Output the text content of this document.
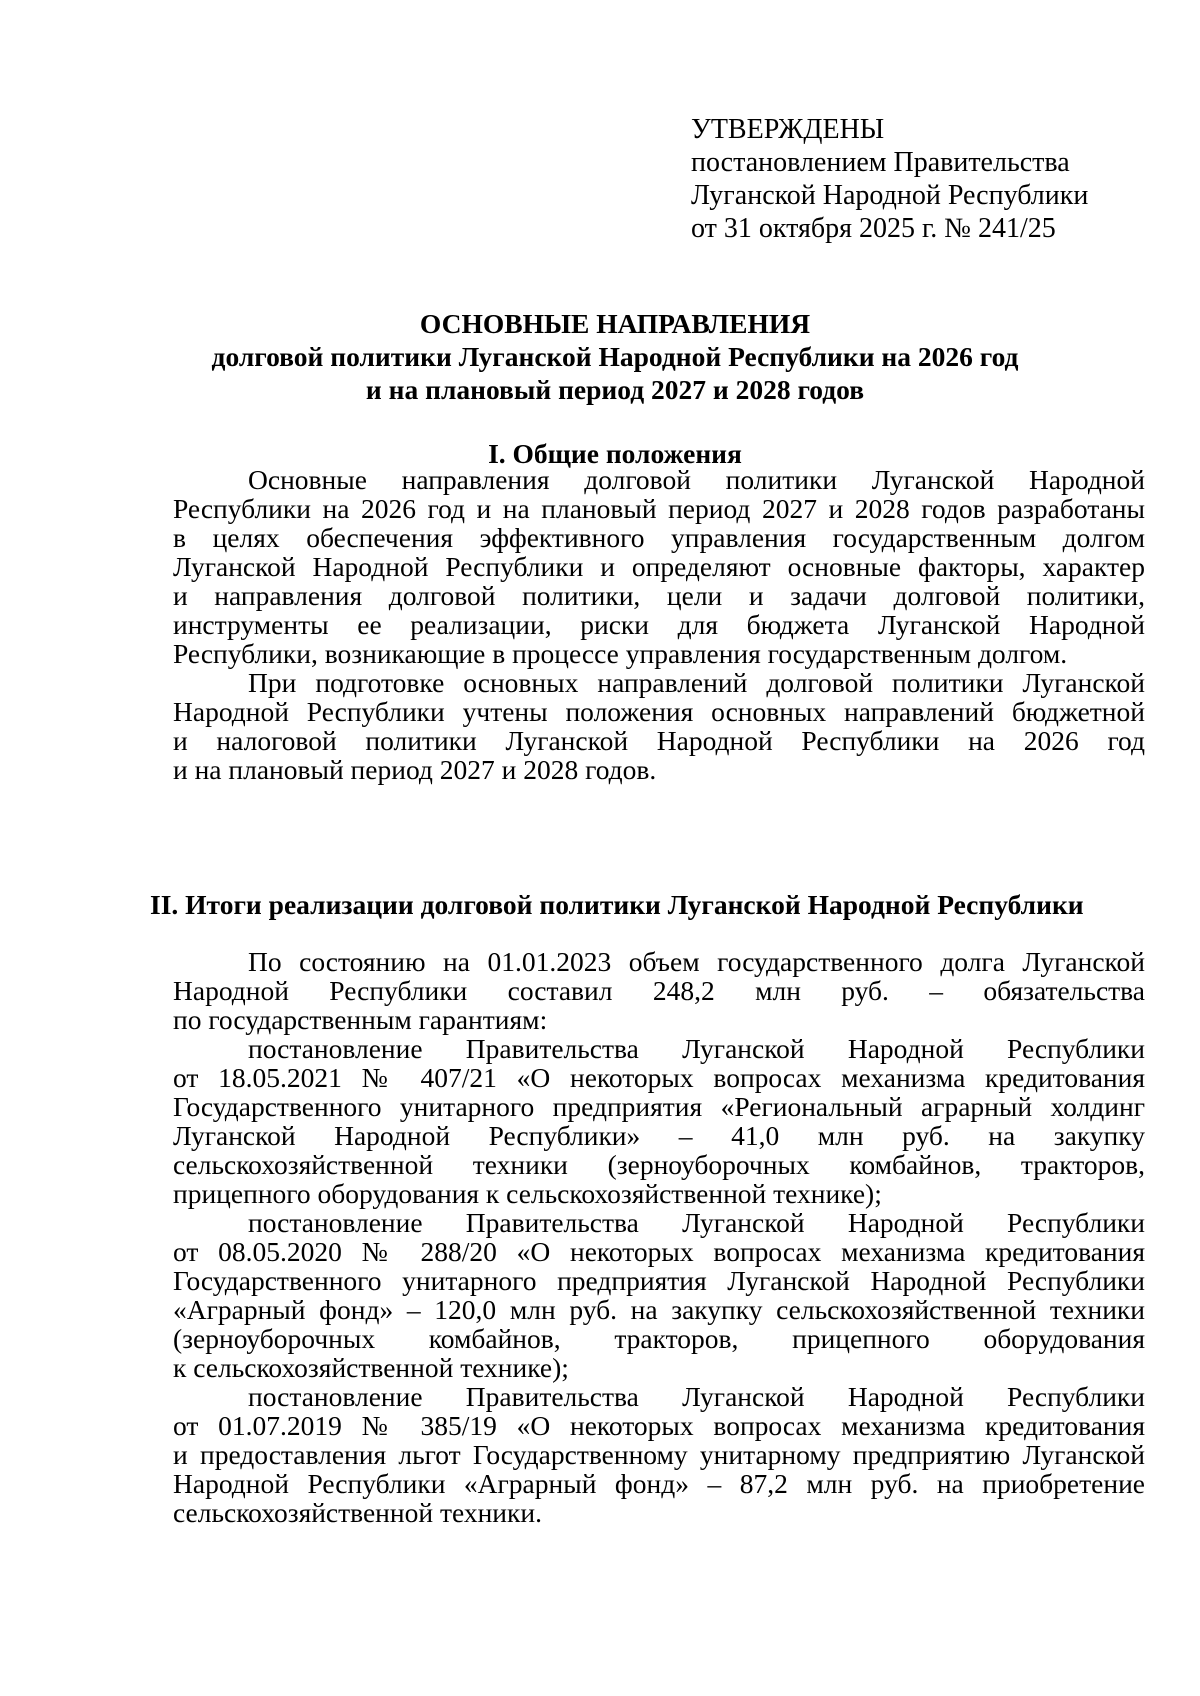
УТВЕРЖДЕНЫ
постановлением Правительства
Луганской Народной Республики
от 31 октября 2025 г. № 241/25
ОСНОВНЫЕ НАПРАВЛЕНИЯ
долговой политики Луганской Народной Республики на 2026 год
и на плановый период 2027 и 2028 годов
I. Общие положения
Основные направления долговой политики Луганской Народной
Республики на 2026 год и на плановый период 2027 и 2028 годов разработаны
в целях обеспечения эффективного управления государственным долгом
Луганской Народной Республики и определяют основные факторы, характер
и направления долговой политики, цели и задачи долговой политики,
инструменты ее реализации, риски для бюджета Луганской Народной
Республики, возникающие в процессе управления государственным долгом.
При подготовке основных направлений долговой политики Луганской
Народной Республики учтены положения основных направлений бюджетной
и налоговой политики Луганской Народной Республики на 2026 год
и на плановый период 2027 и 2028 годов.
II. Итоги реализации долговой политики Луганской Народной Республики
По состоянию на 01.01.2023 объем государственного долга Луганской
Народной Республики составил 248,2 млн руб. – обязательства
по государственным гарантиям:
постановление Правительства Луганской Народной Республики
от 18.05.2021 № 407/21 «О некоторых вопросах механизма кредитования
Государственного унитарного предприятия «Региональный аграрный холдинг
Луганской Народной Республики» – 41,0 млн руб. на закупку
сельскохозяйственной техники (зерноуборочных комбайнов, тракторов,
прицепного оборудования к сельскохозяйственной технике);
постановление Правительства Луганской Народной Республики
от 08.05.2020 № 288/20 «О некоторых вопросах механизма кредитования
Государственного унитарного предприятия Луганской Народной Республики
«Аграрный фонд» – 120,0 млн руб. на закупку сельскохозяйственной техники
(зерноуборочных комбайнов, тракторов, прицепного оборудования
к сельскохозяйственной технике);
постановление Правительства Луганской Народной Республики
от 01.07.2019 № 385/19 «О некоторых вопросах механизма кредитования
и предоставления льгот Государственному унитарному предприятию Луганской
Народной Республики «Аграрный фонд» – 87,2 млн руб. на приобретение
сельскохозяйственной техники.
